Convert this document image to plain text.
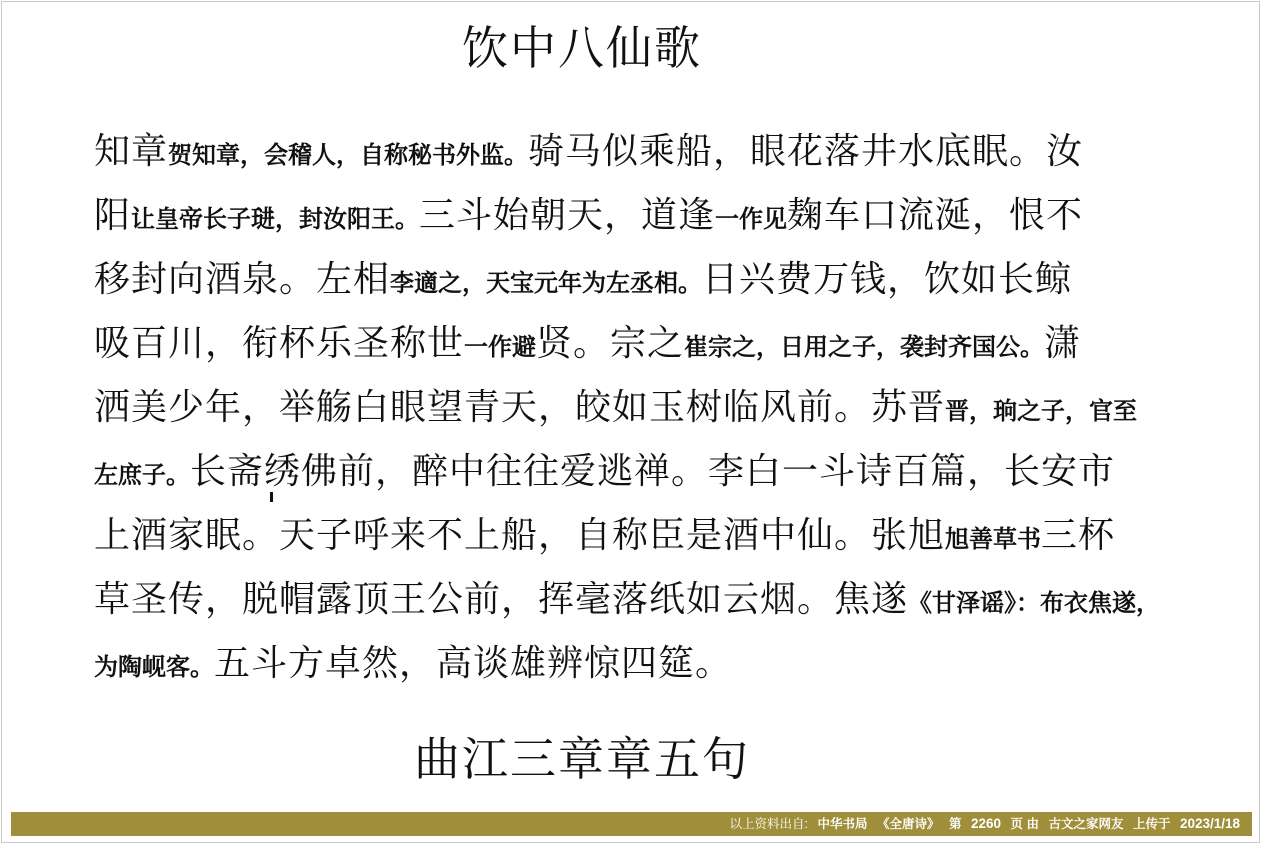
饮中八仙歌
知章贺知章，会稽人，自称秘书外监。骑马似乘船，眼花落井水底眠。汝
阳让皇帝长子琎，封汝阳王。三斗始朝天，道逢一作见麹车口流涎，恨不
移封向酒泉。左相李適之，天宝元年为左丞相。日兴费万钱，饮如长鲸
吸百川，衔杯乐圣称世一作避贤。宗之崔宗之，日用之子，袭封齐国公。潇
洒美少年，举觞白眼望青天，皎如玉树临风前。苏晋晋，珦之子，官至
左庶子。长斋绣佛前，醉中往往爱逃禅。李白一斗诗百篇，长安市
上酒家眠。天子呼来不上船，自称臣是酒中仙。张旭旭善草书三杯
草圣传，脱帽露顶王公前，挥毫落纸如云烟。焦遂《甘泽谣》：布衣焦遂，
为陶岘客。五斗方卓然，高谈雄辨惊四筵。
曲江三章章五句
以上资料出自: 中华书局 《全唐诗》 第 2260 页 由 古文之家网友 上传于 2023/1/18
